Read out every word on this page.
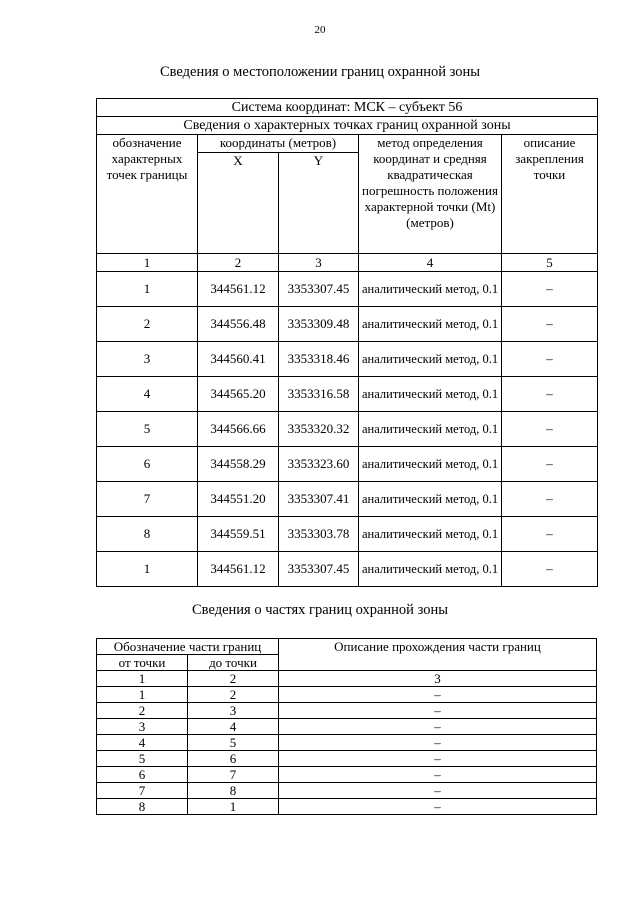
20
Сведения о местоположении границ охранной зоны
Система координат: МСК – субъект 56				
Сведения о характерных точках границ охранной зоны				
обозначение характерных точек границы	координаты (метров)		метод определения координат и средняя квадратическая погрешность положения характерной точки (Mt) (метров)	описание закрепления точки
	X	Y		
1	2	3	4	5
1	344561.12	3353307.45	аналитический метод, 0.1	–
2	344556.48	3353309.48	аналитический метод, 0.1	–
3	344560.41	3353318.46	аналитический метод, 0.1	–
4	344565.20	3353316.58	аналитический метод, 0.1	–
5	344566.66	3353320.32	аналитический метод, 0.1	–
6	344558.29	3353323.60	аналитический метод, 0.1	–
7	344551.20	3353307.41	аналитический метод, 0.1	–
8	344559.51	3353303.78	аналитический метод, 0.1	–
1	344561.12	3353307.45	аналитический метод, 0.1	–
Сведения о частях границ охранной зоны
Обозначение части границ		Описание прохождения части границ
от точки	до точки	
1	2	3
1	2	–
2	3	–
3	4	–
4	5	–
5	6	–
6	7	–
7	8	–
8	1	–
